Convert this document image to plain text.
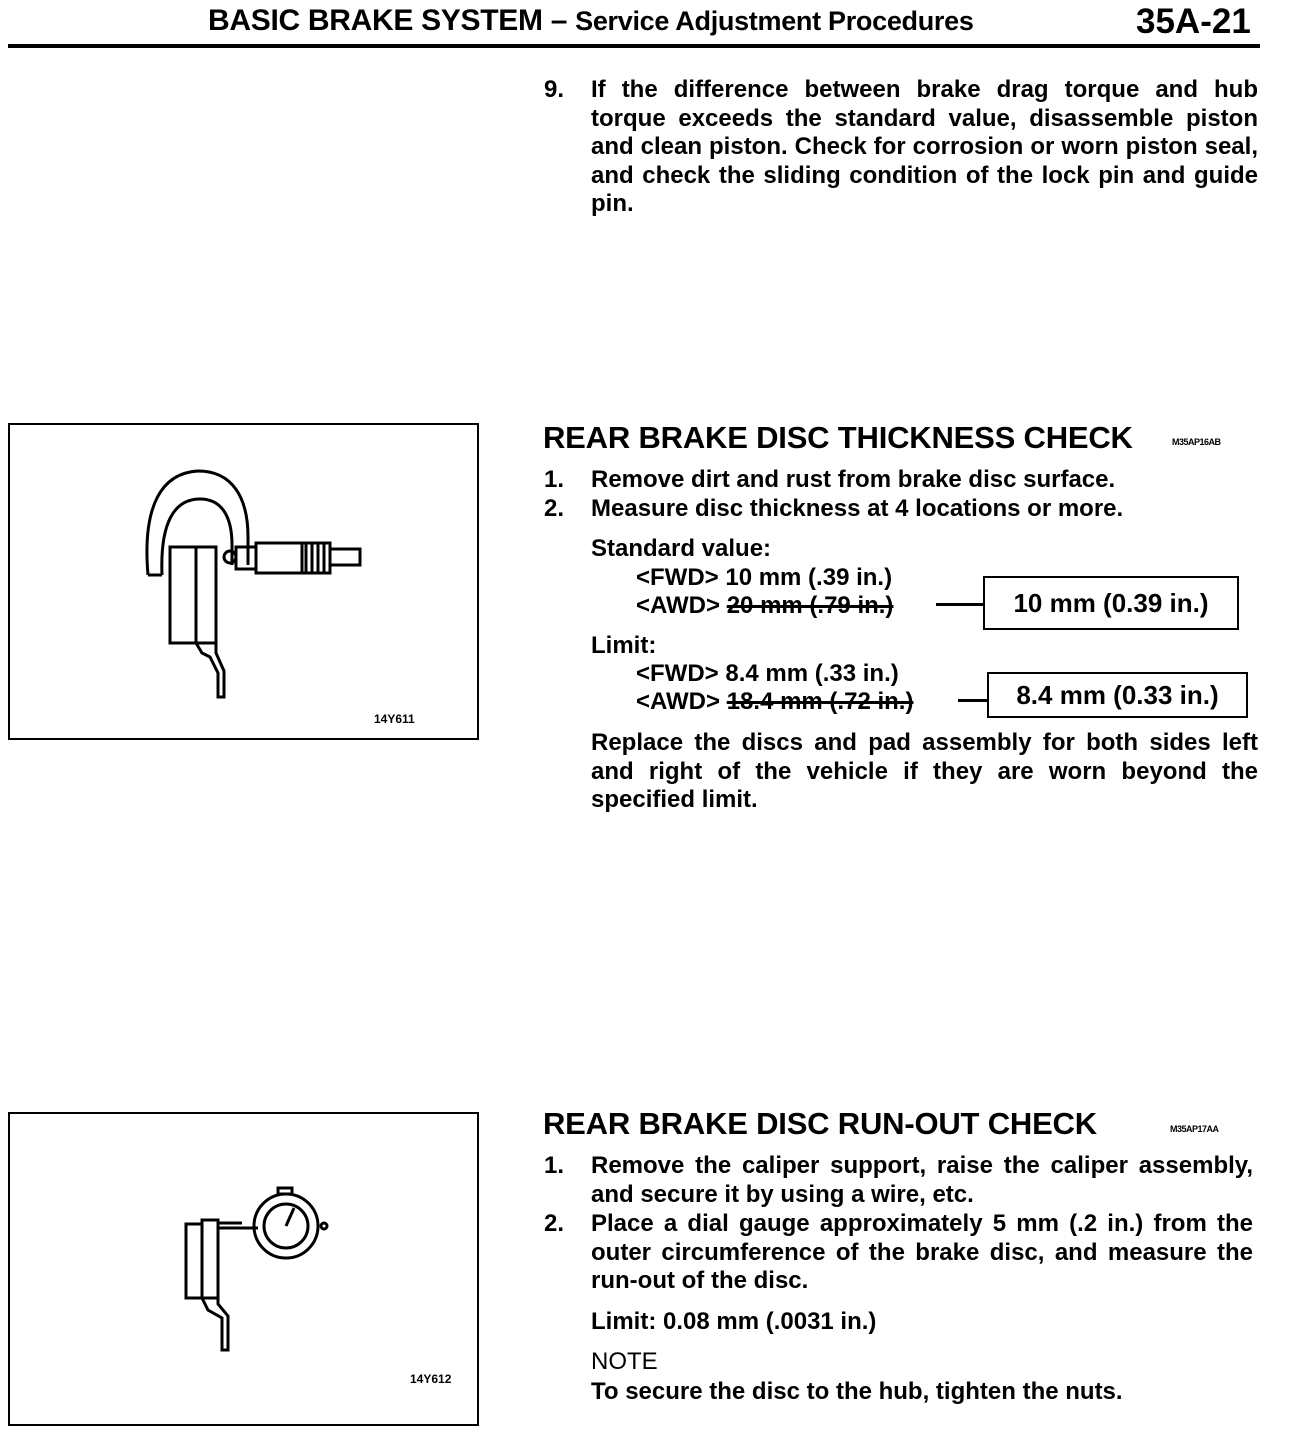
BASIC BRAKE SYSTEM – Service Adjustment Procedures	35A-21
9. If the difference between brake drag torque and hub torque exceeds the standard value, disassemble piston and clean piston. Check for corrosion or worn piston seal, and check the sliding condition of the lock pin and guide pin.
14Y611
REAR BRAKE DISC THICKNESS CHECK	M35AP16AB
1. Remove dirt and rust from brake disc surface.
2. Measure disc thickness at 4 locations or more.
Standard value:
<FWD> 10 mm (.39 in.)
<AWD> 20 mm (.79 in.)	10 mm (0.39 in.)
Limit:
<FWD> 8.4 mm (.33 in.)
<AWD> 18.4 mm (.72 in.)	8.4 mm (0.33 in.)
Replace the discs and pad assembly for both sides left and right of the vehicle if they are worn beyond the specified limit.
14Y612
REAR BRAKE DISC RUN-OUT CHECK	M35AP17AA
1. Remove the caliper support, raise the caliper assembly, and secure it by using a wire, etc.
2. Place a dial gauge approximately 5 mm (.2 in.) from the outer circumference of the brake disc, and measure the run-out of the disc.
Limit: 0.08 mm (.0031 in.)
NOTE
To secure the disc to the hub, tighten the nuts.
